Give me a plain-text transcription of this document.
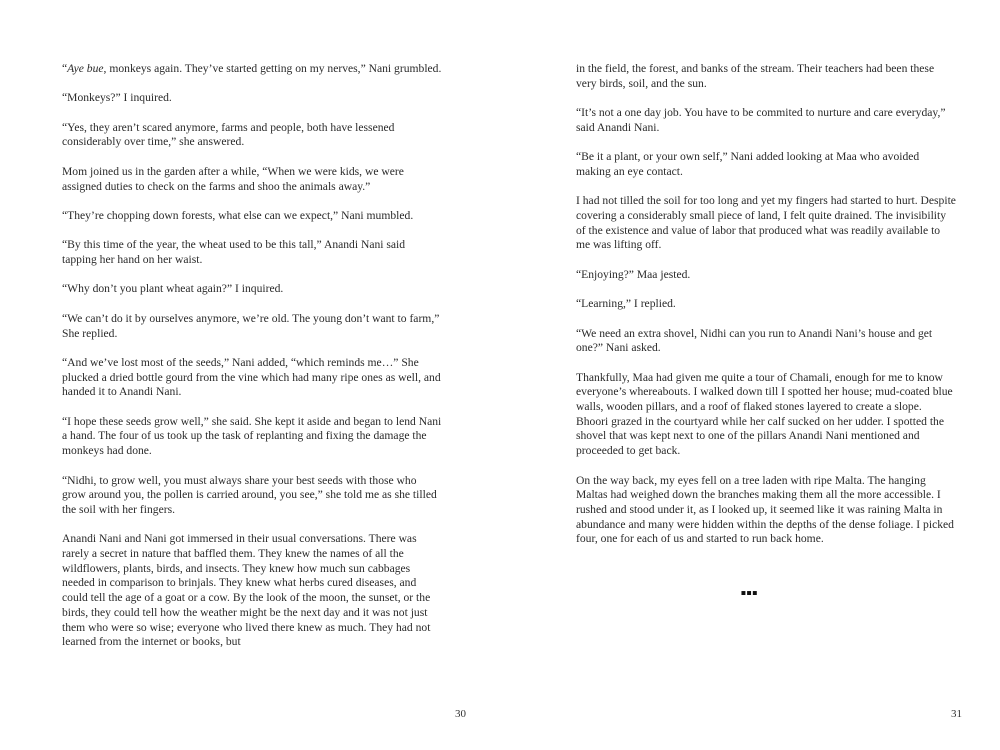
“Aye bue, monkeys again. They’ve started getting on my nerves,” Nani grumbled.

“Monkeys?” I inquired.

“Yes, they aren’t scared anymore, farms and people, both have lessened considerably over time,” she answered.

Mom joined us in the garden after a while, “When we were kids, we were assigned duties to check on the farms and shoo the animals away.”

“They’re chopping down forests, what else can we expect,” Nani mumbled.

“By this time of the year, the wheat used to be this tall,” Anandi Nani said tapping her hand on her waist.

“Why don’t you plant wheat again?” I inquired.

“We can’t do it by ourselves anymore, we’re old. The young don’t want to farm,” She replied.

“And we’ve lost most of the seeds,” Nani added, “which reminds me…” She plucked a dried bottle gourd from the vine which had many ripe ones as well, and handed it to Anandi Nani.

“I hope these seeds grow well,” she said. She kept it aside and began to lend Nani a hand. The four of us took up the task of replanting and fixing the damage the monkeys had done.

“Nidhi, to grow well, you must always share your best seeds with those who grow around you, the pollen is carried around, you see,” she told me as she tilled the soil with her fingers.

Anandi Nani and Nani got immersed in their usual conversations. There was rarely a secret in nature that baffled them. They knew the names of all the wildflowers, plants, birds, and insects. They knew how much sun cabbages needed in comparison to brinjals. They knew what herbs cured diseases, and could tell the age of a goat or a cow. By the look of the moon, the sunset, or the birds, they could tell how the weather might be the next day and it was not just them who were so wise; everyone who lived there knew as much. They had not learned from the internet or books, but

30

in the field, the forest, and banks of the stream. Their teachers had been these very birds, soil, and the sun.

“It’s not a one day job. You have to be commited to nurture and care everyday,” said Anandi Nani.

“Be it a plant, or your own self,” Nani added looking at Maa who avoided making an eye contact.

I had not tilled the soil for too long and yet my fingers had started to hurt. Despite covering a considerably small piece of land, I felt quite drained. The invisibility of the existence and value of labor that produced what was readily available to me was lifting off.

“Enjoying?” Maa jested.

“Learning,” I replied.

“We need an extra shovel, Nidhi can you run to Anandi Nani’s house and get one?” Nani asked.

Thankfully, Maa had given me quite a tour of Chamali, enough for me to know everyone’s whereabouts. I walked down till I spotted her house; mud-coated blue walls, wooden pillars, and a roof of flaked stones layered to create a slope. Bhoori grazed in the courtyard while her calf sucked on her udder. I spotted the shovel that was kept next to one of the pillars Anandi Nani mentioned and proceeded to get back.

On the way back, my eyes fell on a tree laden with ripe Malta. The hanging Maltas had weighed down the branches making them all the more accessible. I rushed and stood under it, as I looked up, it seemed like it was raining Malta in abundance and many were hidden within the depths of the dense foliage. I picked four, one for each of us and started to run back home.

▪▪▪
31
